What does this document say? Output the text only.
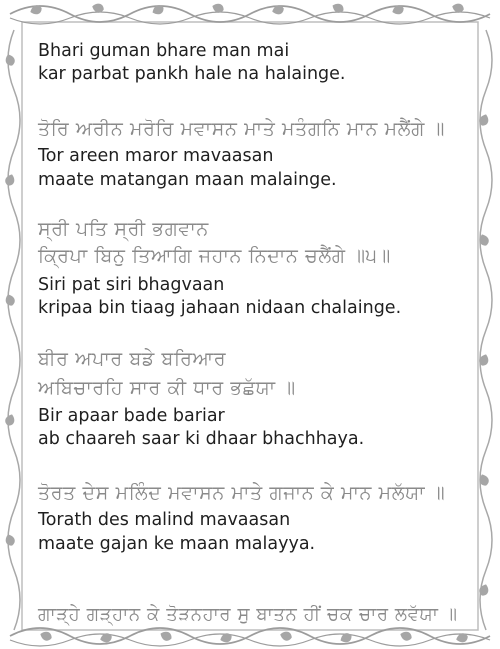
Bhari guman bhare man mai

kar parbat pankh hale na halainge.

ਤੋਰਿ ਅਰੀਨ ਮਰੋਰਿ ਮਵਾਸਨ ਮਾਤੇ ਮਤੰਗਨਿ ਮਾਨ ਮਲੈਂਗੇ ॥

Tor areen maror mavaasan

maate matangan maan malainge.

ਸ੍ਰੀ ਪਤਿ ਸ੍ਰੀ ਭਗਵਾਨ

ਕ੍ਰਿਪਾ ਬਿਨੁ ਤਿਆਗਿ ਜਹਾਨ ਨਿਦਾਨ ਚਲੈਂਗੇ ॥੫॥

Siri pat siri bhagvaan

kripaa bin tiaag jahaan nidaan chalainge.

ਬੀਰ ਅਪਾਰ ਬਡੇ ਬਰਿਆਰ

ਅਬਿਚਾਰਹਿ ਸਾਰ ਕੀ ਧਾਰ ਭਛੱਯਾ ॥

Bir apaar bade bariar

ab chaareh saar ki dhaar bhachhaya.

ਤੋਰਤ ਦੇਸ ਮਲਿੰਦ ਮਵਾਸਨ ਮਾਤੇ ਗਜਾਨ ਕੇ ਮਾਨ ਮਲੱਯਾ ॥

Torath des malind mavaasan

maate gajan ke maan malayya.

ਗਾੜ੍ਹੇ ਗੜ੍ਹਾਨ ਕੇ ਤੋੜਨਹਾਰ ਸੁ ਬਾਤਨ ਹੀਂ ਚਕ ਚਾਰ ਲਵੱਯਾ ॥
